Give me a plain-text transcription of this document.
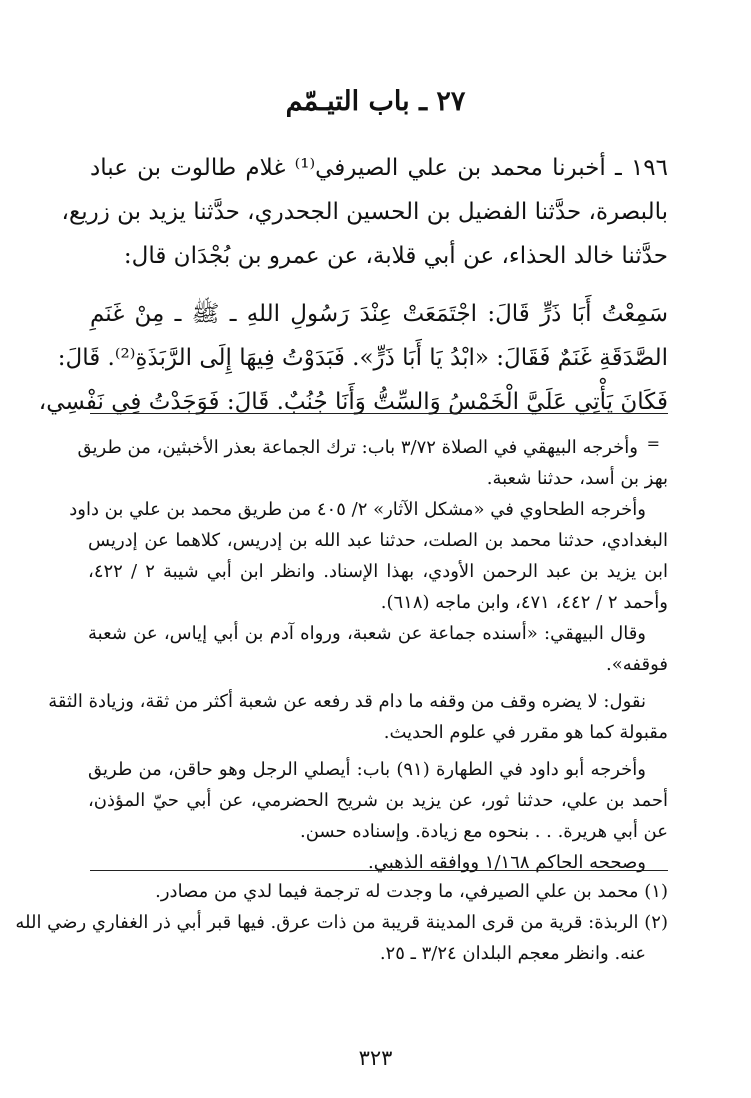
٢٧ ـ باب التيـمّم
١٩٦ ـ أخبرنا محمد بن علي الصيرفي⁽¹⁾ غلام طالوت بن عباد
بالبصرة، حدَّثنا الفضيل بن الحسين الجحدري، حدَّثنا يزيد بن زريع،
حدَّثنا خالد الحذاء، عن أبي قلابة، عن عمرو بن بُجْدَان قال:
سَمِعْتُ أَبَا ذَرٍّ قَالَ: اجْتَمَعَتْ عِنْدَ رَسُولِ اللهِ ـ ﷺ ـ مِنْ غَنَمِ
الصَّدَقَةِ غَنَمٌ فَقَالَ: «ابْدُ يَا أَبَا ذَرٍّ». فَبَدَوْتُ فِيهَا إِلَى الرَّبَذَةِ⁽²⁾. قَالَ:
فَكَانَ يَأْتِي عَلَيَّ الْخَمْسُ وَالسِّتُّ وَأَنَا جُنُبٌ. قَالَ: فَوَجَدْتُ فِي نَفْسِي،
=
وأخرجه البيهقي في الصلاة ٣/٧٢ باب: ترك الجماعة بعذر الأخبثين، من طريق
بهز بن أسد، حدثنا شعبة.
وأخرجه الطحاوي في «مشكل الآثار» ٢/ ٤٠٥ من طريق محمد بن علي بن داود
البغدادي، حدثنا محمد بن الصلت، حدثنا عبد الله بن إدريس، كلاهما عن إدريس
ابن يزيد بن عبد الرحمن الأودي، بهذا الإسناد. وانظر ابن أبي شيبة ٢ / ٤٢٢،
وأحمد ٢ / ٤٤٢، ٤٧١، وابن ماجه (٦١٨).
وقال البيهقي: «أسنده جماعة عن شعبة، ورواه آدم بن أبي إياس، عن شعبة
فوقفه».
نقول: لا يضره وقف من وقفه ما دام قد رفعه عن شعبة أكثر من ثقة، وزيادة الثقة
مقبولة كما هو مقرر في علوم الحديث.
وأخرجه أبو داود في الطهارة (٩١) باب: أيصلي الرجل وهو حاقن، من طريق
أحمد بن علي، حدثنا ثور، عن يزيد بن شريح الحضرمي، عن أبي حيّ المؤذن،
عن أبي هريرة. . . بنحوه مع زيادة. وإسناده حسن.
وصححه الحاكم ١/١٦٨ ووافقه الذهبي.
(١) محمد بن علي الصيرفي، ما وجدت له ترجمة فيما لدي من مصادر.
(٢) الربذة: قرية من قرى المدينة قريبة من ذات عرق. فيها قبر أبي ذر الغفاري رضي الله
عنه. وانظر معجم البلدان ٣/٢٤ ـ ٢٥.
٣٢٣
